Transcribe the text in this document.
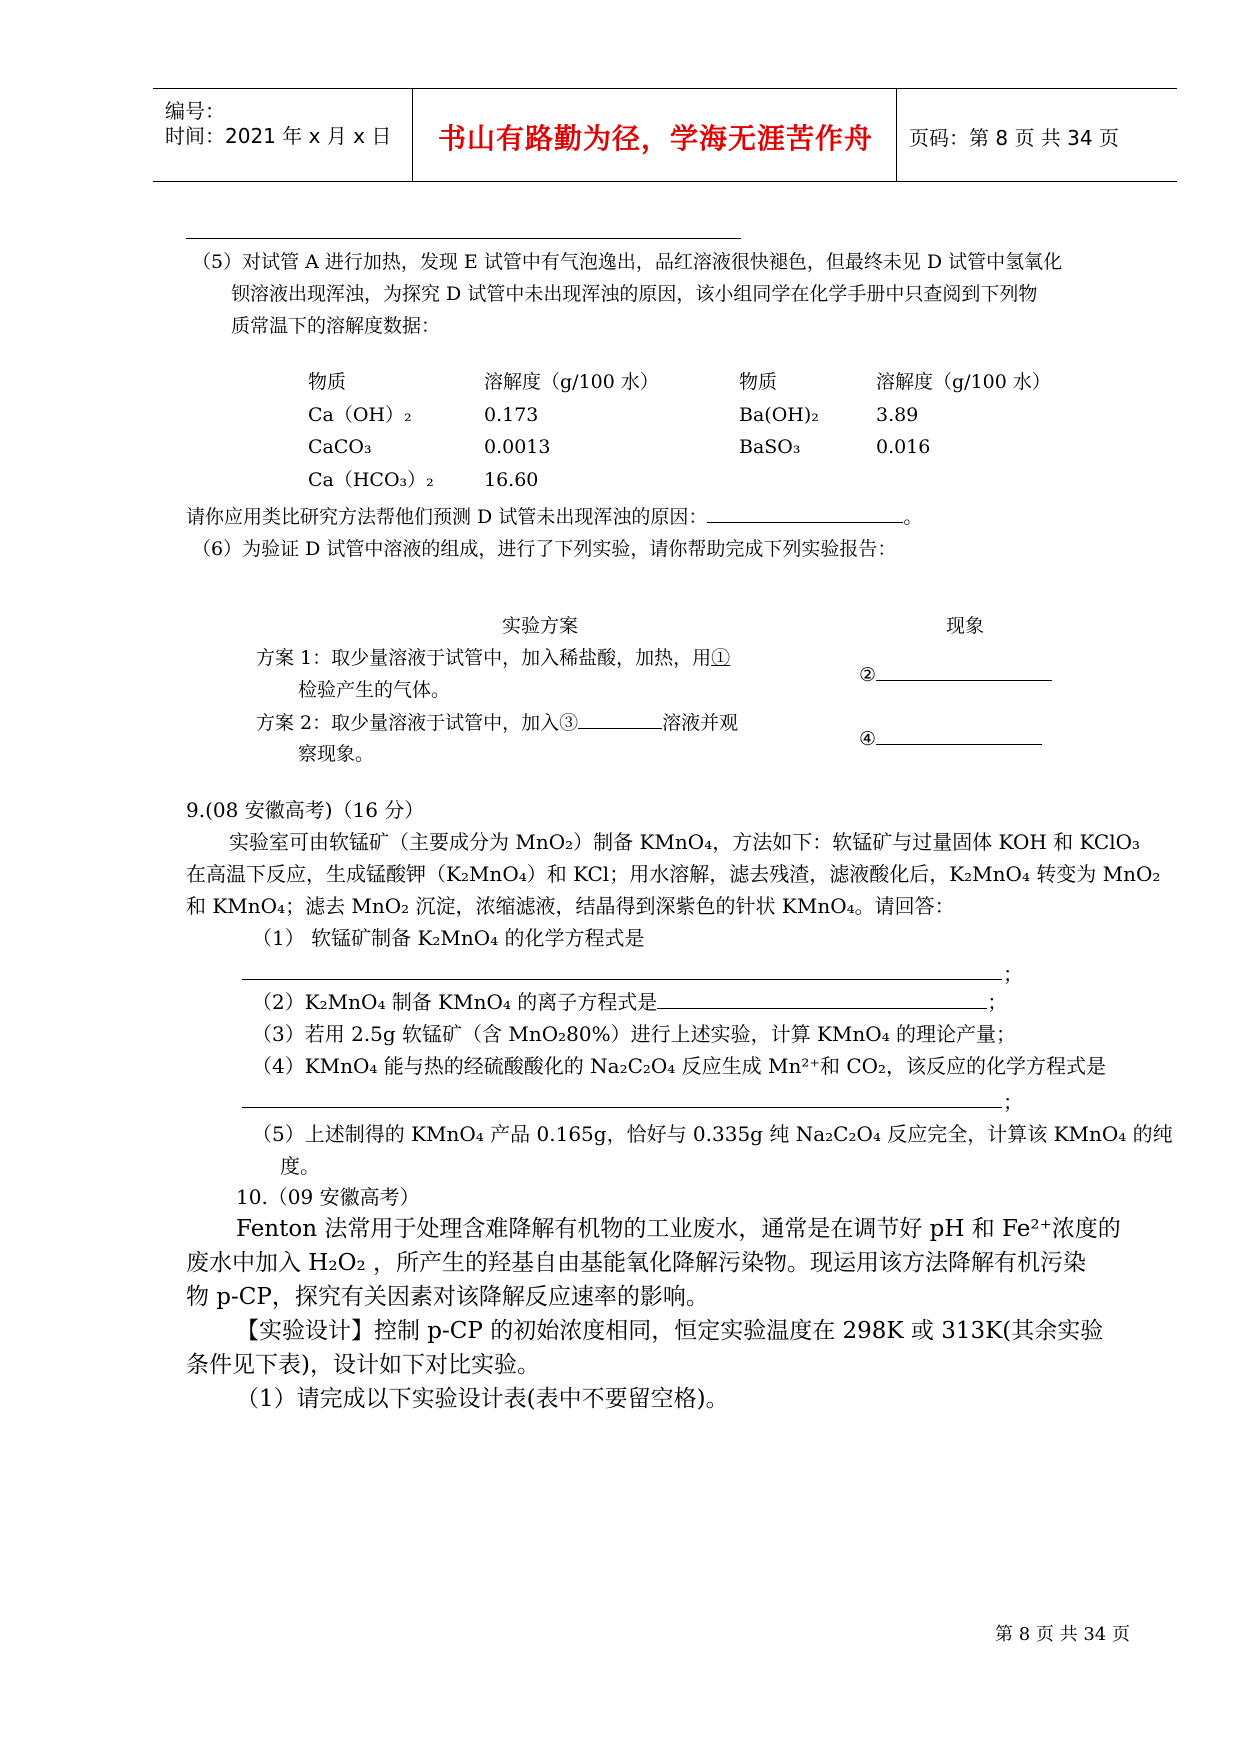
编号：
时间：2021 年 x 月 x 日 书山有路勤为径，学海无涯苦作舟 页码：第 8 页 共 34 页
（5）对试管 A 进行加热，发现 E 试管中有气泡逸出，品红溶液很快褪色，但最终未见 D 试管中氢氧化
钡溶液出现浑浊，为探究 D 试管中未出现浑浊的原因，该小组同学在化学手册中只查阅到下列物
质常温下的溶解度数据：
物质	溶解度（g/100 水）	物质	溶解度（g/100 水）
Ca（OH）₂	0.173	Ba(OH)₂	3.89
CaCO₃	0.0013	BaSO₃	0.016
Ca（HCO₃）₂	16.60
请你应用类比研究方法帮他们预测 D 试管未出现浑浊的原因：	。
（6）为验证 D 试管中溶液的组成，进行了下列实验，请你帮助完成下列实验报告：
实验方案	现象
方案 1：取少量溶液于试管中，加入稀盐酸，加热，用①
检验产生的气体。
②
方案 2：取少量溶液于试管中，加入③	溶液并观
察现象。
④
9.(08 安徽高考)（16 分）
实验室可由软锰矿（主要成分为 MnO₂）制备 KMnO₄，方法如下：软锰矿与过量固体 KOH 和 KClO₃
在高温下反应，生成锰酸钾（K₂MnO₄）和 KCl；用水溶解，滤去残渣，滤液酸化后，K₂MnO₄ 转变为 MnO₂
和 KMnO₄；滤去 MnO₂ 沉淀，浓缩滤液，结晶得到深紫色的针状 KMnO₄。请回答：
（1） 软锰矿制备 K₂MnO₄ 的化学方程式是
；
（2）K₂MnO₄ 制备 KMnO₄ 的离子方程式是	；
（3）若用 2.5g 软锰矿（含 MnO₂80%）进行上述实验，计算 KMnO₄ 的理论产量；
（4）KMnO₄ 能与热的经硫酸酸化的 Na₂C₂O₄ 反应生成 Mn²⁺和 CO₂，该反应的化学方程式是
；
（5）上述制得的 KMnO₄ 产品 0.165g，恰好与 0.335g 纯 Na₂C₂O₄ 反应完全，计算该 KMnO₄ 的纯
度。
10.（09 安徽高考）
Fenton 法常用于处理含难降解有机物的工业废水，通常是在调节好 pH 和 Fe²⁺浓度的
废水中加入 H₂O₂ ，所产生的羟基自由基能氧化降解污染物。现运用该方法降解有机污染
物 p-CP，探究有关因素对该降解反应速率的影响。
【实验设计】控制 p-CP 的初始浓度相同，恒定实验温度在 298K 或 313K(其余实验
条件见下表)，设计如下对比实验。
（1）请完成以下实验设计表(表中不要留空格)。
第 8 页 共 34 页
